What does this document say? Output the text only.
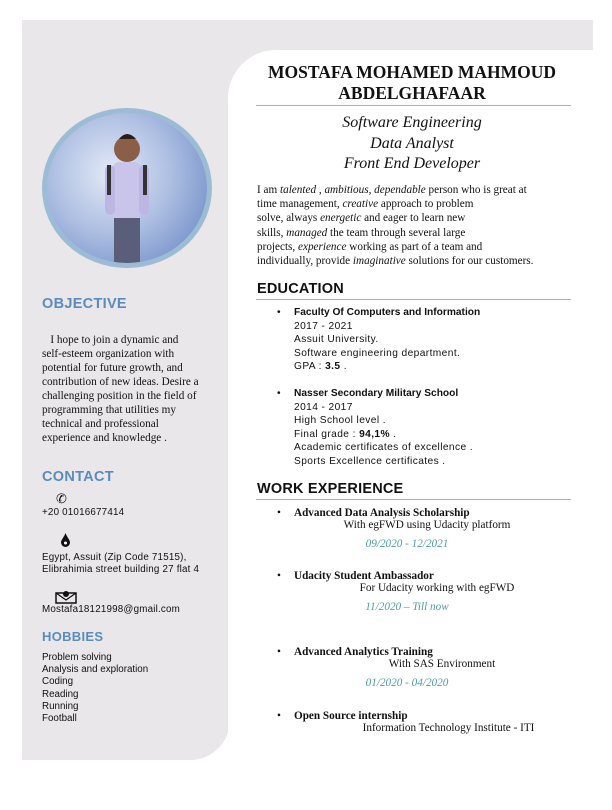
MOSTAFA MOHAMED MAHMOUD
ABDELGHAFAAR
Software Engineering
Data Analyst
Front End Developer
I am talented , ambitious, dependable person who is great at
time management, creative approach to problem
solve, always energetic and eager to learn new
skills, managed the team through several large
projects, experience working as part of a team and
individually, provide imaginative solutions for our customers.
EDUCATION
• Faculty Of Computers and Information
2017 - 2021
Assuit University.
Software engineering department.
GPA : 3.5 .
• Nasser Secondary Military School
2014 - 2017
High School level .
Final grade : 94,1% .
Academic certificates of excellence .
Sports Excellence certificates .
WORK EXPERIENCE
• Advanced Data Analysis Scholarship
With egFWD using Udacity platform
09/2020 - 12/2021
• Udacity Student Ambassador
For Udacity working with egFWD
11/2020 – Till now
• Advanced Analytics Training
With SAS Environment
01/2020 - 04/2020
• Open Source internship
Information Technology Institute - ITI
OBJECTIVE
I hope to join a dynamic and
self-esteem organization with
potential for future growth, and
contribution of new ideas. Desire a
challenging position in the field of
programming that utilities my
technical and professional
experience and knowledge .
CONTACT
✆
+20 01016677414
Egypt, Assuit (Zip Code 71515),
Elibrahimia street building 27 flat 4
Mostafa18121998@gmail.com
HOBBIES
Problem solving
Analysis and exploration
Coding
Reading
Running
Football
